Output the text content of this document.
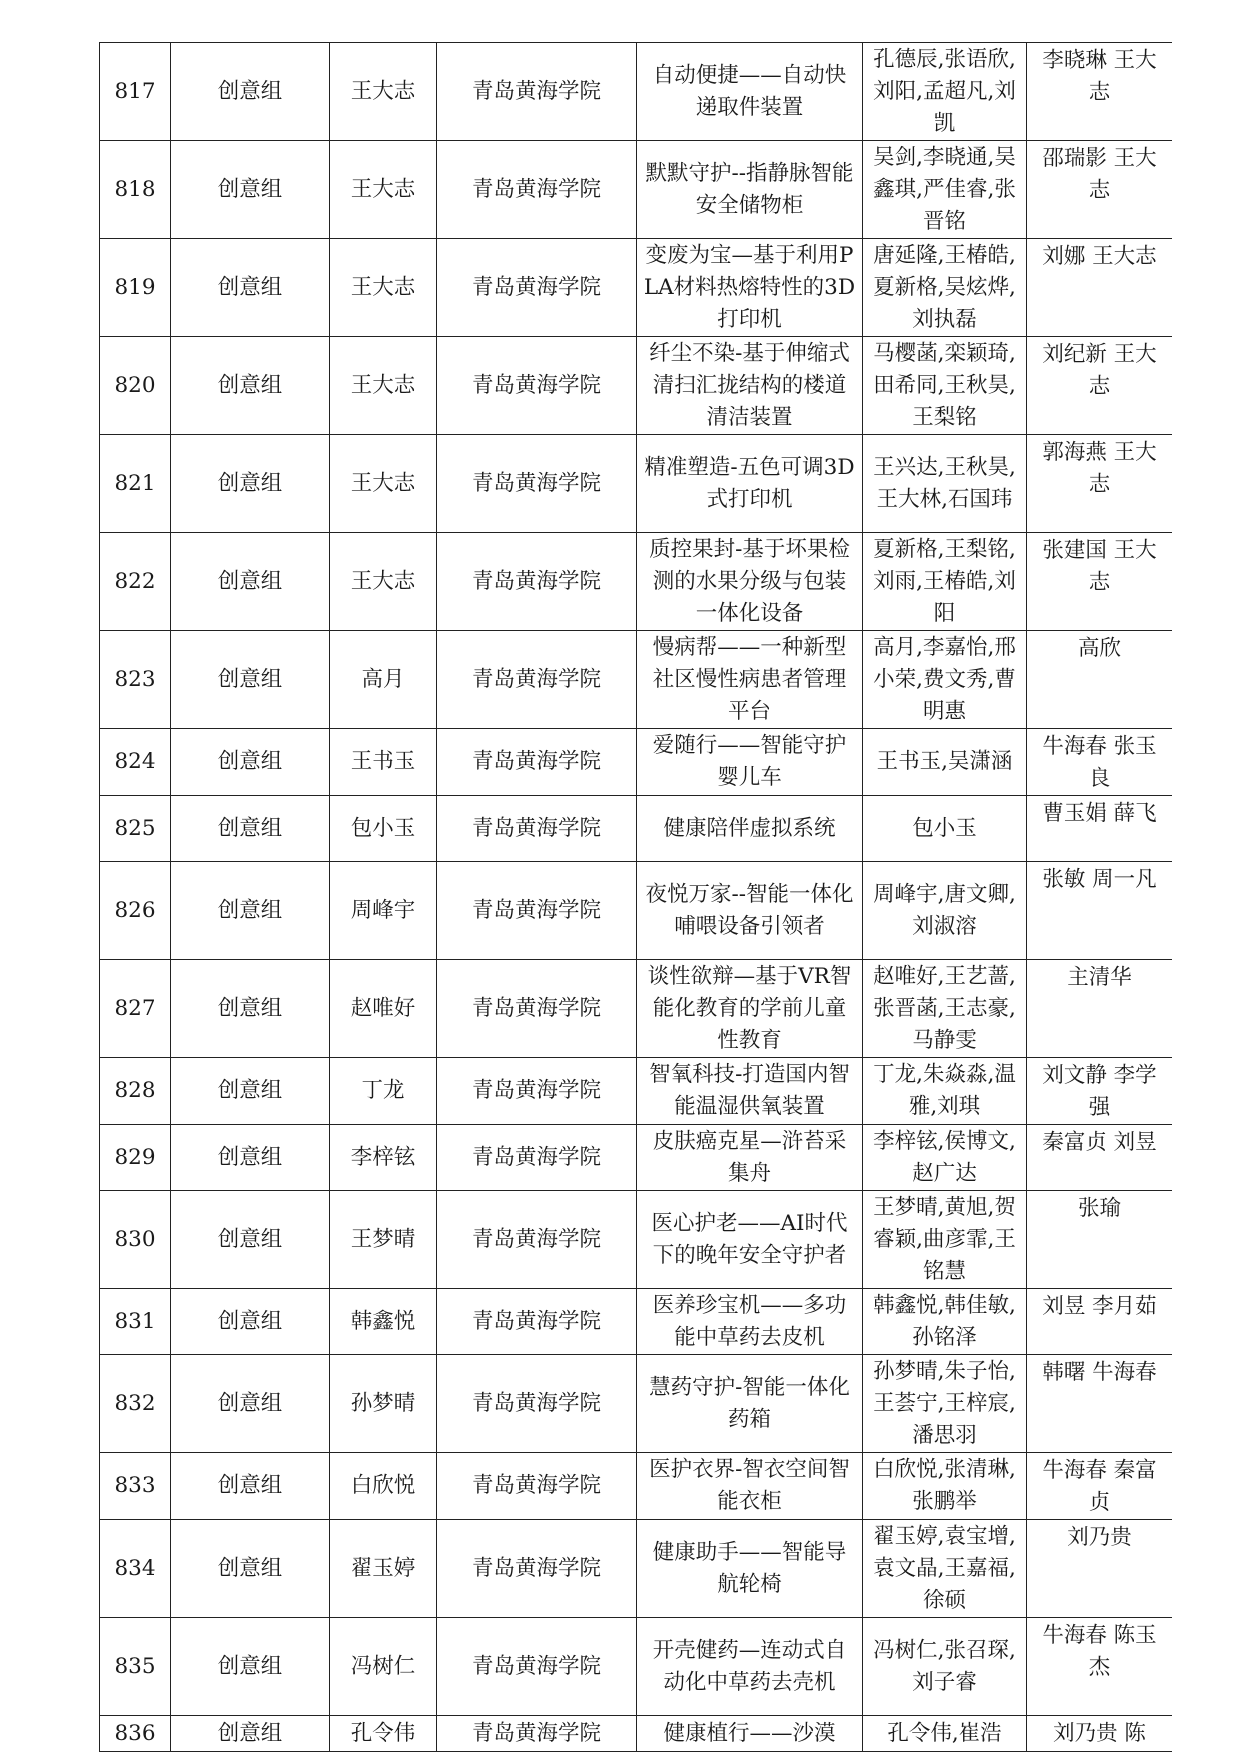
817	创意组	王大志	青岛黄海学院	自动便捷——自动快递取件装置	孔德辰,张语欣,刘阳,孟超凡,刘凯	李晓琳 王大志
818	创意组	王大志	青岛黄海学院	默默守护--指静脉智能安全储物柜	吴剑,李晓通,吴鑫琪,严佳睿,张晋铭	邵瑞影 王大志
819	创意组	王大志	青岛黄海学院	变废为宝—基于利用PLA材料热熔特性的3D打印机	唐延隆,王椿皓,夏新格,吴炫烨,刘执磊	刘娜 王大志
820	创意组	王大志	青岛黄海学院	纤尘不染-基于伸缩式清扫汇拢结构的楼道清洁装置	马樱菡,栾颖琦,田希同,王秋昊,王梨铭	刘纪新 王大志
821	创意组	王大志	青岛黄海学院	精准塑造-五色可调3D式打印机	王兴达,王秋昊,王大林,石国玮	郭海燕 王大志
822	创意组	王大志	青岛黄海学院	质控果封-基于坏果检测的水果分级与包装一体化设备	夏新格,王梨铭,刘雨,王椿皓,刘阳	张建国 王大志
823	创意组	高月	青岛黄海学院	慢病帮——一种新型社区慢性病患者管理平台	高月,李嘉怡,邢小荣,费文秀,曹明惠	高欣
824	创意组	王书玉	青岛黄海学院	爱随行——智能守护婴儿车	王书玉,吴潇涵	牛海春 张玉良
825	创意组	包小玉	青岛黄海学院	健康陪伴虚拟系统	包小玉	曹玉娟 薛飞
826	创意组	周峰宇	青岛黄海学院	夜悦万家--智能一体化哺喂设备引领者	周峰宇,唐文卿,刘淑溶	张敏 周一凡
827	创意组	赵唯好	青岛黄海学院	谈性欲辩—基于VR智能化教育的学前儿童性教育	赵唯好,王艺蔷,张晋菡,王志豪,马静雯	主清华
828	创意组	丁龙	青岛黄海学院	智氧科技-打造国内智能温湿供氧装置	丁龙,朱焱淼,温雅,刘琪	刘文静 李学强
829	创意组	李梓铉	青岛黄海学院	皮肤癌克星—浒苔采集舟	李梓铉,侯博文,赵广达	秦富贞 刘昱
830	创意组	王梦晴	青岛黄海学院	医心护老——AI时代下的晚年安全守护者	王梦晴,黄旭,贺睿颖,曲彦霏,王铭慧	张瑜
831	创意组	韩鑫悦	青岛黄海学院	医养珍宝机——多功能中草药去皮机	韩鑫悦,韩佳敏,孙铭泽	刘昱 李月茹
832	创意组	孙梦晴	青岛黄海学院	慧药守护-智能一体化药箱	孙梦晴,朱子怡,王荟宁,王梓宸,潘思羽	韩曙 牛海春
833	创意组	白欣悦	青岛黄海学院	医护衣界-智衣空间智能衣柜	白欣悦,张清琳,张鹏举	牛海春 秦富贞
834	创意组	翟玉婷	青岛黄海学院	健康助手——智能导航轮椅	翟玉婷,袁宝增,袁文晶,王嘉福,徐硕	刘乃贵
835	创意组	冯树仁	青岛黄海学院	开壳健药—连动式自动化中草药去壳机	冯树仁,张召琛,刘子睿	牛海春 陈玉杰
836	创意组	孔令伟	青岛黄海学院	健康植行——沙漠	孔令伟,崔浩	刘乃贵 陈
